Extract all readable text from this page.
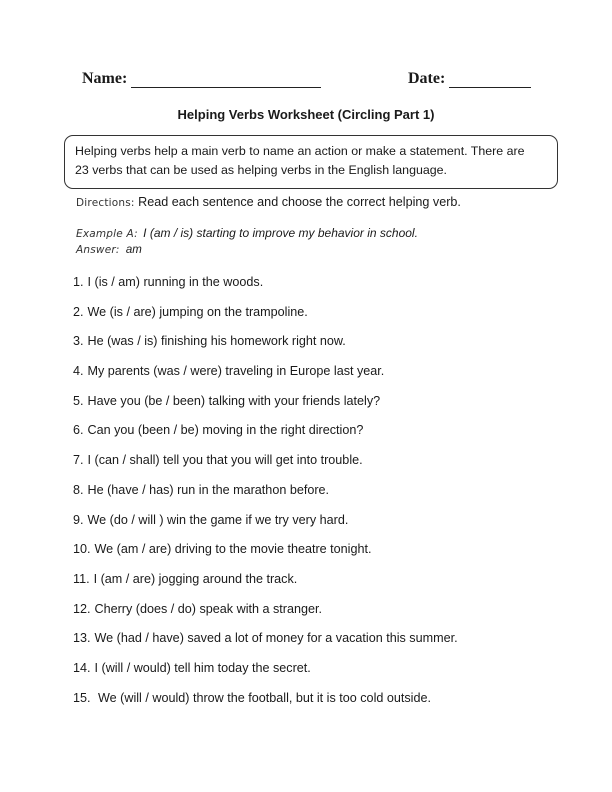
Name:	Date:
Helping Verbs Worksheet (Circling Part 1)
Helping verbs help a main verb to name an action or make a statement. There are
23 verbs that can be used as helping verbs in the English language.
Directions: Read each sentence and choose the correct helping verb.
Example A: I (am / is) starting to improve my behavior in school.
Answer: am
1. I (is / am) running in the woods.
2. We (is / are) jumping on the trampoline.
3. He (was / is) finishing his homework right now.
4. My parents (was / were) traveling in Europe last year.
5. Have you (be / been) talking with your friends lately?
6. Can you (been / be) moving in the right direction?
7. I (can / shall) tell you that you will get into trouble.
8. He (have / has) run in the marathon before.
9. We (do / will ) win the game if we try very hard.
10. We (am / are) driving to the movie theatre tonight.
11. I (am / are) jogging around the track.
12. Cherry (does / do) speak with a stranger.
13. We (had / have) saved a lot of money for a vacation this summer.
14. I (will / would) tell him today the secret.
15. We (will / would) throw the football, but it is too cold outside.
